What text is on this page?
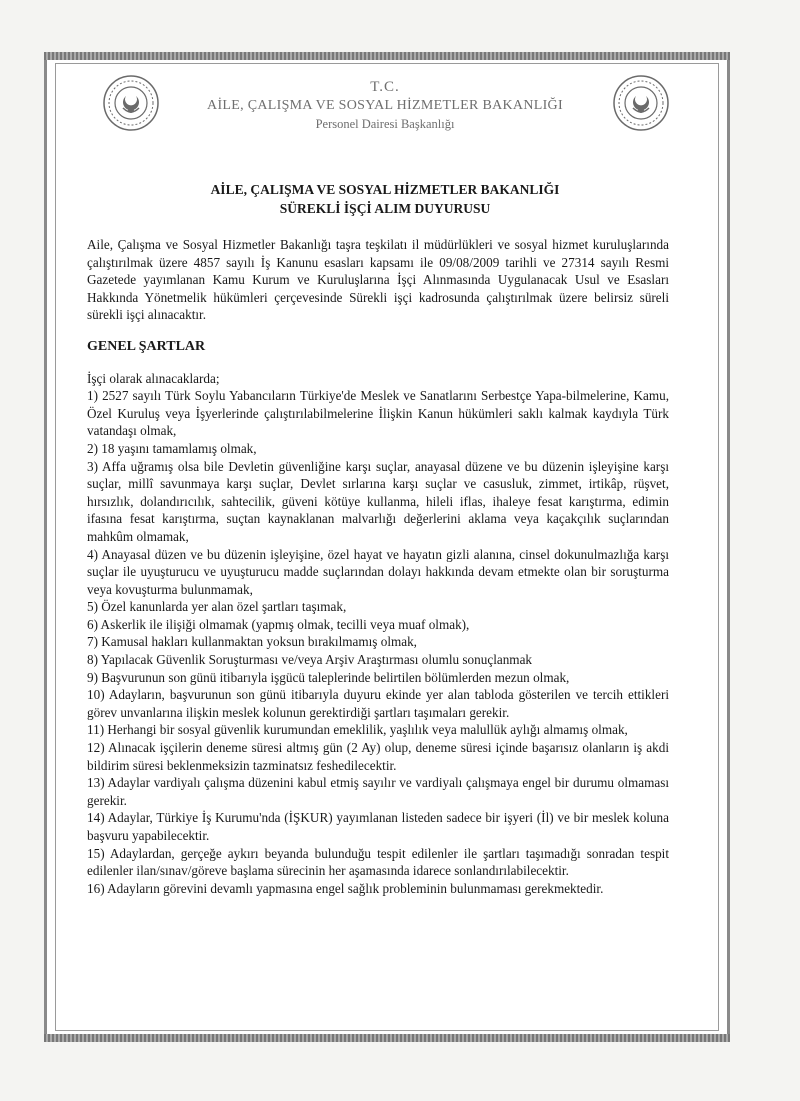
T.C.
AİLE, ÇALIŞMA VE SOSYAL HİZMETLER BAKANLIĞI
Personel Dairesi Başkanlığı
AİLE, ÇALIŞMA VE SOSYAL HİZMETLER BAKANLIĞI
SÜREKLİ İŞÇİ ALIM DUYURUSU

Aile, Çalışma ve Sosyal Hizmetler Bakanlığı taşra teşkilatı il müdürlükleri ve sosyal hizmet kuruluşlarında çalıştırılmak üzere 4857 sayılı İş Kanunu esasları kapsamı ile 09/08/2009 tarihli ve 27314 sayılı Resmi Gazetede yayımlanan Kamu Kurum ve Kuruluşlarına İşçi Alınmasında Uygulanacak Usul ve Esasları Hakkında Yönetmelik hükümleri çerçevesinde Sürekli işçi kadrosunda çalıştırılmak üzere belirsiz süreli sürekli işçi alınacaktır.

GENEL ŞARTLAR

İşçi olarak alınacaklarda;

1) 2527 sayılı Türk Soylu Yabancıların Türkiye'de Meslek ve Sanatlarını Serbestçe Yapa-bilmelerine, Kamu, Özel Kuruluş veya İşyerlerinde çalıştırılabilmelerine İlişkin Kanun hükümleri saklı kalmak kaydıyla Türk vatandaşı olmak,

2) 18 yaşını tamamlamış olmak,

3) Affa uğramış olsa bile Devletin güvenliğine karşı suçlar, anayasal düzene ve bu düzenin işleyişine karşı suçlar, millî savunmaya karşı suçlar, Devlet sırlarına karşı suçlar ve casusluk, zimmet, irtikâp, rüşvet, hırsızlık, dolandırıcılık, sahtecilik, güveni kötüye kullanma, hileli iflas, ihaleye fesat karıştırma, edimin ifasına fesat karıştırma, suçtan kaynaklanan malvarlığı değerlerini aklama veya kaçakçılık suçlarından mahkûm olmamak,

4) Anayasal düzen ve bu düzenin işleyişine, özel hayat ve hayatın gizli alanına, cinsel dokunulmazlığa karşı suçlar ile uyuşturucu ve uyuşturucu madde suçlarından dolayı hakkında devam etmekte olan bir soruşturma veya kovuşturma bulunmamak,

5) Özel kanunlarda yer alan özel şartları taşımak,

6) Askerlik ile ilişiği olmamak (yapmış olmak, tecilli veya muaf olmak),

7) Kamusal hakları kullanmaktan yoksun bırakılmamış olmak,

8) Yapılacak Güvenlik Soruşturması ve/veya Arşiv Araştırması olumlu sonuçlanmak

9) Başvurunun son günü itibarıyla işgücü taleplerinde belirtilen bölümlerden mezun olmak,

10) Adayların, başvurunun son günü itibarıyla duyuru ekinde yer alan tabloda gösterilen ve tercih ettikleri görev unvanlarına ilişkin meslek kolunun gerektirdiği şartları taşımaları gerekir.

11) Herhangi bir sosyal güvenlik kurumundan emeklilik, yaşlılık veya malullük aylığı almamış olmak,

12) Alınacak işçilerin deneme süresi altmış gün (2 Ay) olup, deneme süresi içinde başarısız olanların iş akdi bildirim süresi beklenmeksizin tazminatsız feshedilecektir.

13) Adaylar vardiyalı çalışma düzenini kabul etmiş sayılır ve vardiyalı çalışmaya engel bir durumu olmaması gerekir.

14) Adaylar, Türkiye İş Kurumu'nda (İŞKUR) yayımlanan listeden sadece bir işyeri (İl) ve bir meslek koluna başvuru yapabilecektir.

15) Adaylardan, gerçeğe aykırı beyanda bulunduğu tespit edilenler ile şartları taşımadığı sonradan tespit edilenler ilan/sınav/göreve başlama sürecinin her aşamasında idarece sonlandırılabilecektir.

16) Adayların görevini devamlı yapmasına engel sağlık probleminin bulunmaması gerekmektedir.
